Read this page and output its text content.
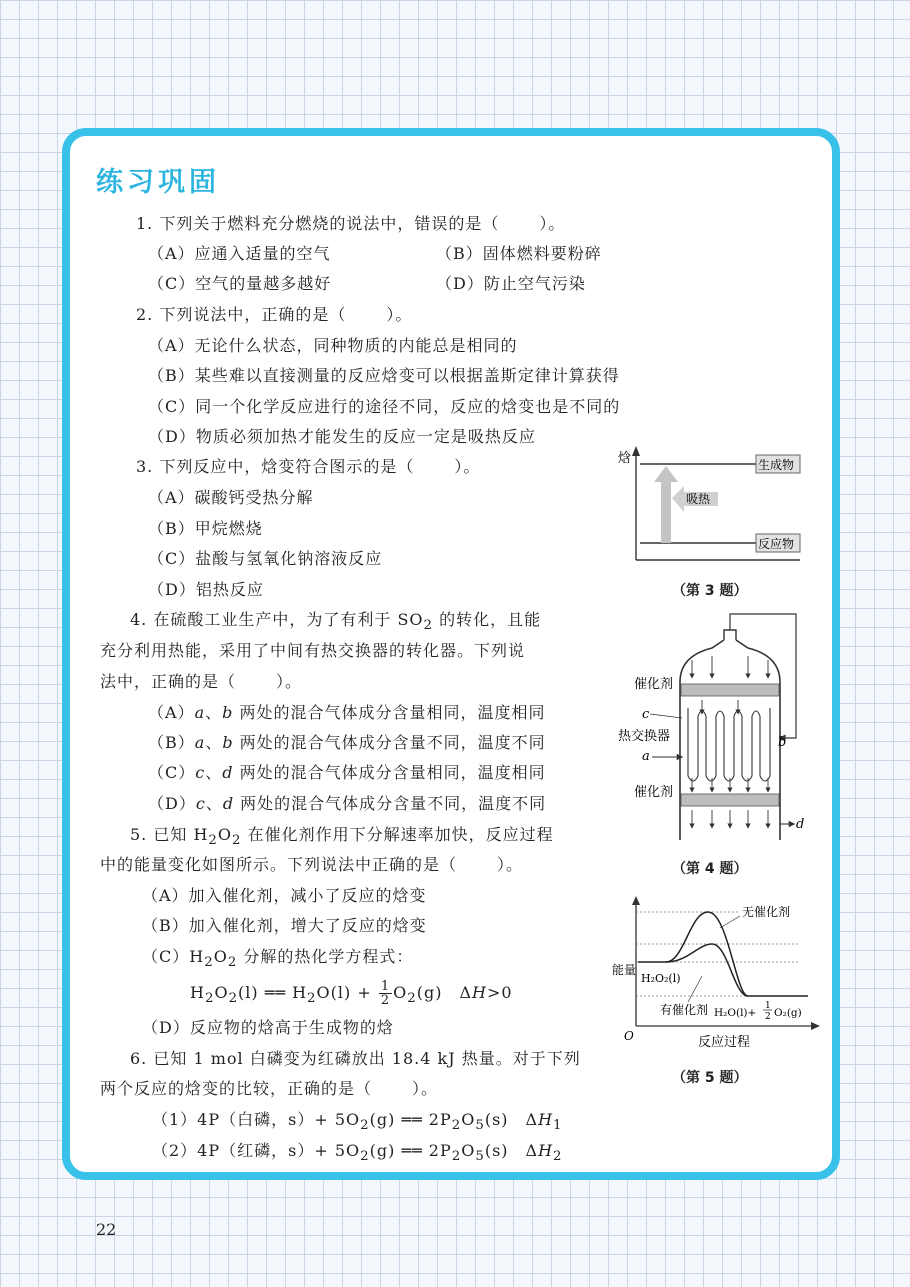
练习巩固
1. 下列关于燃料充分燃烧的说法中，错误的是（	）。
（A）应通入适量的空气	（B）固体燃料要粉碎
（C）空气的量越多越好	（D）防止空气污染
2. 下列说法中，正确的是（	）。
（A）无论什么状态，同种物质的内能总是相同的
（B）某些难以直接测量的反应焓变可以根据盖斯定律计算获得
（C）同一个化学反应进行的途径不同，反应的焓变也是不同的
（D）物质必须加热才能发生的反应一定是吸热反应
3. 下列反应中，焓变符合图示的是（	）。
（A）碳酸钙受热分解
（B）甲烷燃烧
（C）盐酸与氢氧化钠溶液反应
（D）铝热反应
4. 在硫酸工业生产中，为了有利于 $SO_2$ 的转化，且能
充分利用热能，采用了中间有热交换器的转化器。下列说
法中，正确的是（	）。
（A）a、b 两处的混合气体成分含量相同，温度相同
（B）a、b 两处的混合气体成分含量不同，温度不同
（C）c、d 两处的混合气体成分含量相同，温度相同
（D）c、d 两处的混合气体成分含量不同，温度不同
5. 已知 $H_2O_2$ 在催化剂作用下分解速率加快，反应过程
中的能量变化如图所示。下列说法中正确的是（	）。
（A）加入催化剂，减小了反应的焓变
（B）加入催化剂，增大了反应的焓变
$(C)H_2O_2$ 分解的热化学方程式：
$H_2O_2(l)$ ══ $H_2O(l) + \frac{1}{2} O_2(g)$　ΔH>0
（D）反应物的焓高于生成物的焓
6. 已知 1 mol 白磷变为红磷放出 18.4 kJ 热量。对于下列
两个反应的焓变的比较，正确的是（	）。
（1）4P（白磷，$s)+ 5O_2(g)$ ══ $2P_2O_5(s)$　$\Delta H_1$
（2）4P（红磷，$s)+ 5O_2(g)$ ══ $2P_2O_5(s)$　$\Delta H_2$
焓	生成物
反应物
吸热
（第 3 题）
催化剂
c
热交换器
a
b
催化剂
d
（第 4 题）
能量
O	反应过程
无催化剂
H₂O₂(l)
有催化剂 H₂O(l)+
1
2 O₂(g)
（第 5 题）
22
